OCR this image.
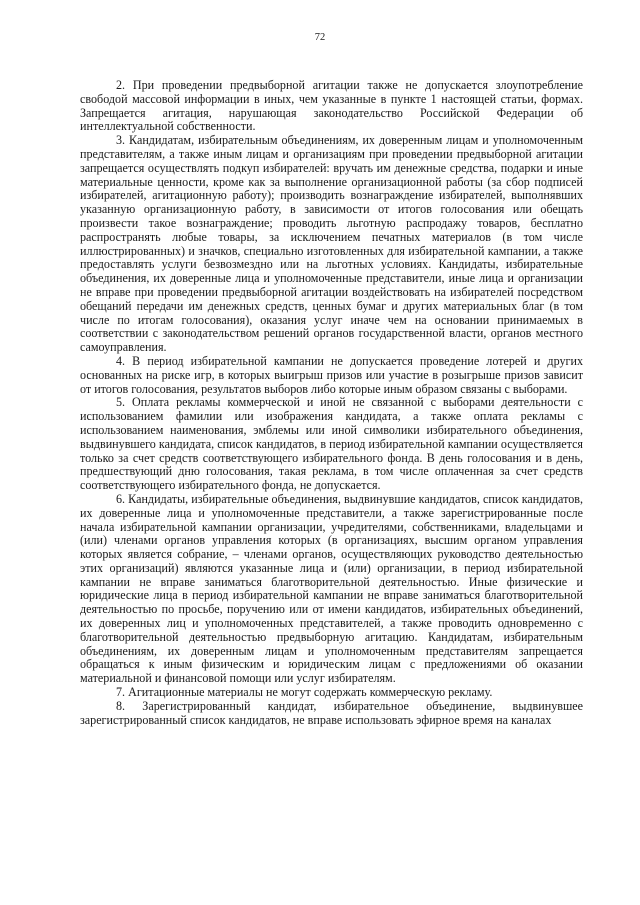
72

2. При проведении предвыборной агитации также не допускается злоупотребление свободой массовой информации в иных, чем указанные в пункте 1 настоящей статьи, формах. Запрещается агитация, нарушающая законодательство Российской Федерации об интеллектуальной собственности.

3. Кандидатам, избирательным объединениям, их доверенным лицам и уполномоченным представителям, а также иным лицам и организациям при проведении предвыборной агитации запрещается осуществлять подкуп избирателей: вручать им денежные средства, подарки и иные материальные ценности, кроме как за выполнение организационной работы (за сбор подписей избирателей, агитационную работу); производить вознаграждение избирателей, выполнявших указанную организационную работу, в зависимости от итогов голосования или обещать произвести такое вознаграждение; проводить льготную распродажу товаров, бесплатно распространять любые товары, за исключением печатных материалов (в том числе иллюстрированных) и значков, специально изготовленных для избирательной кампании, а также предоставлять услуги безвозмездно или на льготных условиях. Кандидаты, избирательные объединения, их доверенные лица и уполномоченные представители, иные лица и организации не вправе при проведении предвыборной агитации воздействовать на избирателей посредством обещаний передачи им денежных средств, ценных бумаг и других материальных благ (в том числе по итогам голосования), оказания услуг иначе чем на основании принимаемых в соответствии с законодательством решений органов государственной власти, органов местного самоуправления.

4. В период избирательной кампании не допускается проведение лотерей и других основанных на риске игр, в которых выигрыш призов или участие в розыгрыше призов зависит от итогов голосования, результатов выборов либо которые иным образом связаны с выборами.

5. Оплата рекламы коммерческой и иной не связанной с выборами деятельности с использованием фамилии или изображения кандидата, а также оплата рекламы с использованием наименования, эмблемы или иной символики избирательного объединения, выдвинувшего кандидата, список кандидатов, в период избирательной кампании осуществляется только за счет средств соответствующего избирательного фонда. В день голосования и в день, предшествующий дню голосования, такая реклама, в том числе оплаченная за счет средств соответствующего избирательного фонда, не допускается.

6. Кандидаты, избирательные объединения, выдвинувшие кандидатов, список кандидатов, их доверенные лица и уполномоченные представители, а также зарегистрированные после начала избирательной кампании организации, учредителями, собственниками, владельцами и (или) членами органов управления которых (в организациях, высшим органом управления которых является собрание, – членами органов, осуществляющих руководство деятельностью этих организаций) являются указанные лица и (или) организации, в период избирательной кампании не вправе заниматься благотворительной деятельностью. Иные физические и юридические лица в период избирательной кампании не вправе заниматься благотворительной деятельностью по просьбе, поручению или от имени кандидатов, избирательных объединений, их доверенных лиц и уполномоченных представителей, а также проводить одновременно с благотворительной деятельностью предвыборную агитацию. Кандидатам, избирательным объединениям, их доверенным лицам и уполномоченным представителям запрещается обращаться к иным физическим и юридическим лицам с предложениями об оказании материальной и финансовой помощи или услуг избирателям.

7. Агитационные материалы не могут содержать коммерческую рекламу.

8. Зарегистрированный кандидат, избирательное объединение, выдвинувшее зарегистрированный список кандидатов, не вправе использовать эфирное время на каналах
